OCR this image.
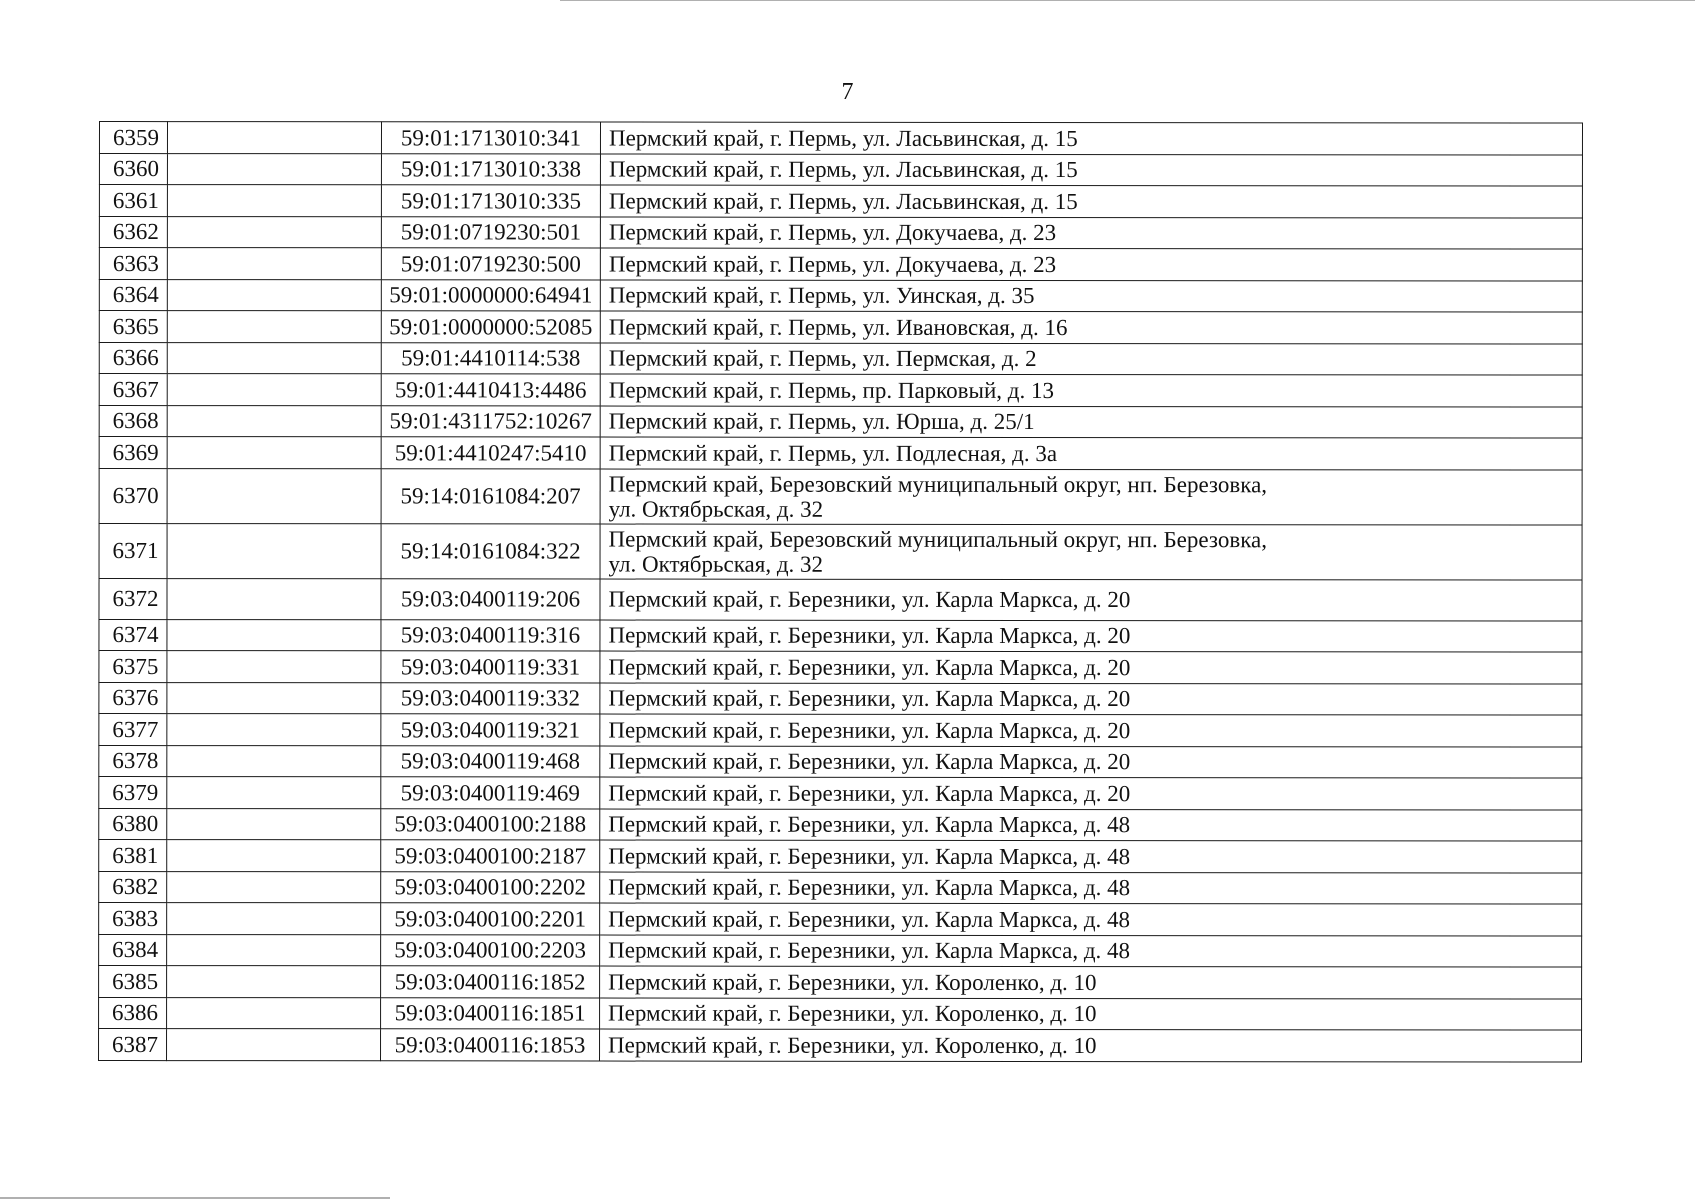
7
6359		59:01:1713010:341	Пермский край, г. Пермь, ул. Ласьвинская, д. 15

6360		59:01:1713010:338	Пермский край, г. Пермь, ул. Ласьвинская, д. 15

6361		59:01:1713010:335	Пермский край, г. Пермь, ул. Ласьвинская, д. 15

6362		59:01:0719230:501	Пермский край, г. Пермь, ул. Докучаева, д. 23

6363		59:01:0719230:500	Пермский край, г. Пермь, ул. Докучаева, д. 23

6364		59:01:0000000:64941	Пермский край, г. Пермь, ул. Уинская, д. 35

6365		59:01:0000000:52085	Пермский край, г. Пермь, ул. Ивановская, д. 16

6366		59:01:4410114:538	Пермский край, г. Пермь, ул. Пермская, д. 2

6367		59:01:4410413:4486	Пермский край, г. Пермь, пр. Парковый, д. 13

6368		59:01:4311752:10267	Пермский край, г. Пермь, ул. Юрша, д. 25/1

6369		59:01:4410247:5410	Пермский край, г. Пермь, ул. Подлесная, д. 3а

6370		59:14:0161084:207	Пермский край, Березовский муниципальный округ, нп. Березовка,
ул. Октябрьская, д. 32

6371		59:14:0161084:322	Пермский край, Березовский муниципальный округ, нп. Березовка,
ул. Октябрьская, д. 32

6372		59:03:0400119:206	Пермский край, г. Березники, ул. Карла Маркса, д. 20

6374		59:03:0400119:316	Пермский край, г. Березники, ул. Карла Маркса, д. 20

6375		59:03:0400119:331	Пермский край, г. Березники, ул. Карла Маркса, д. 20

6376		59:03:0400119:332	Пермский край, г. Березники, ул. Карла Маркса, д. 20

6377		59:03:0400119:321	Пермский край, г. Березники, ул. Карла Маркса, д. 20

6378		59:03:0400119:468	Пермский край, г. Березники, ул. Карла Маркса, д. 20

6379		59:03:0400119:469	Пермский край, г. Березники, ул. Карла Маркса, д. 20

6380		59:03:0400100:2188	Пермский край, г. Березники, ул. Карла Маркса, д. 48

6381		59:03:0400100:2187	Пермский край, г. Березники, ул. Карла Маркса, д. 48

6382		59:03:0400100:2202	Пермский край, г. Березники, ул. Карла Маркса, д. 48

6383		59:03:0400100:2201	Пермский край, г. Березники, ул. Карла Маркса, д. 48

6384		59:03:0400100:2203	Пермский край, г. Березники, ул. Карла Маркса, д. 48

6385		59:03:0400116:1852	Пермский край, г. Березники, ул. Короленко, д. 10

6386		59:03:0400116:1851	Пермский край, г. Березники, ул. Короленко, д. 10

6387		59:03:0400116:1853	Пермский край, г. Березники, ул. Короленко, д. 10
